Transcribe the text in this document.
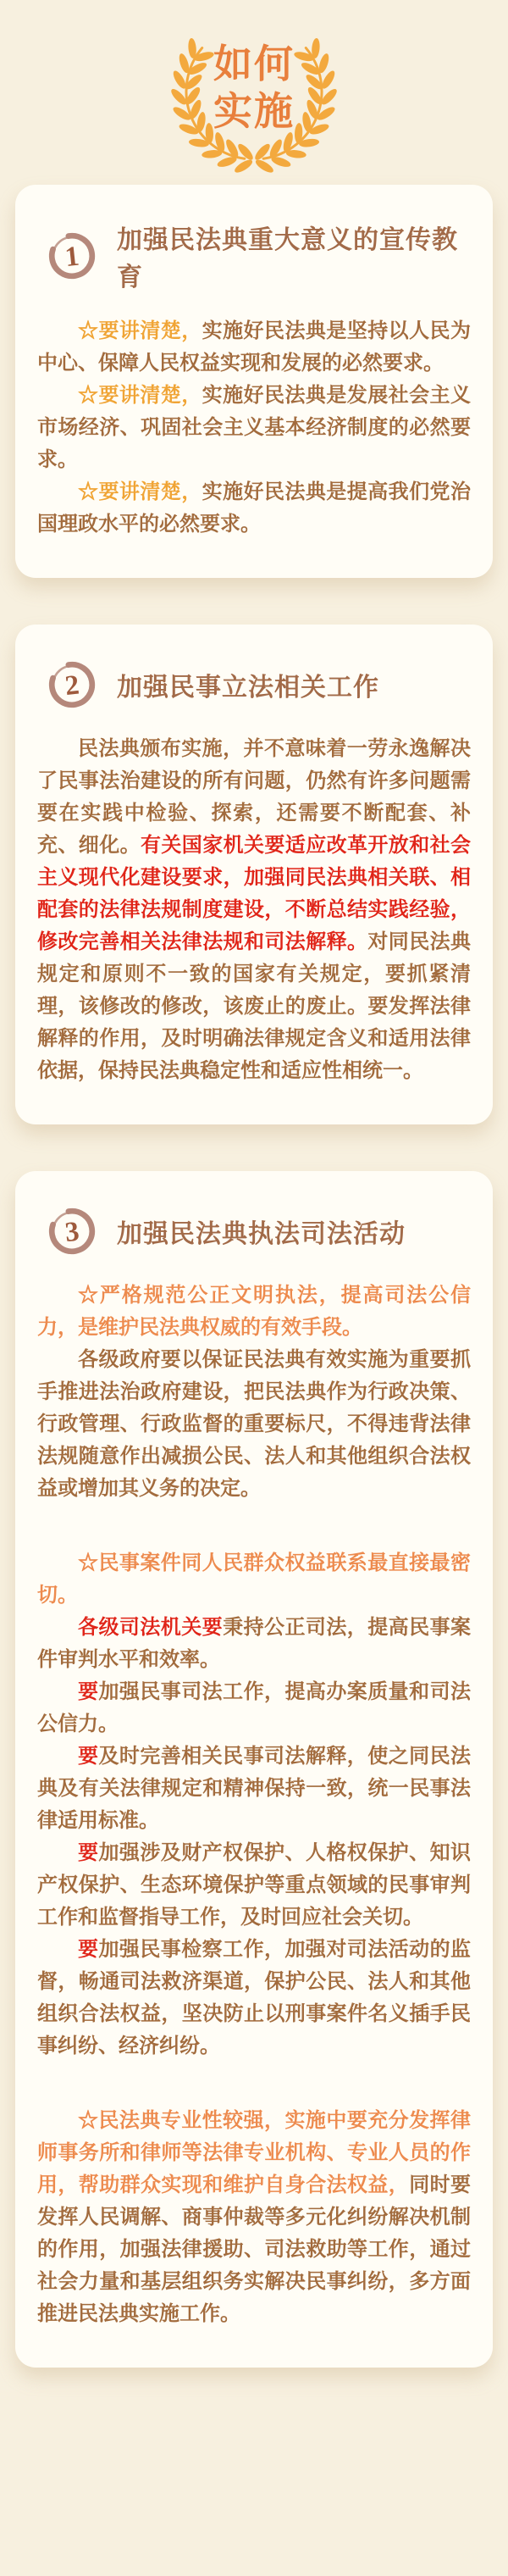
如何
实施
1
加强民法典重大意义的宣传教育

☆要讲清楚，实施好民法典是坚持以人民为中心、保障人民权益实现和发展的必然要求。

☆要讲清楚，实施好民法典是发展社会主义市场经济、巩固社会主义基本经济制度的必然要求。

☆要讲清楚，实施好民法典是提高我们党治国理政水平的必然要求。

2 加强民事立法相关工作

民法典颁布实施，并不意味着一劳永逸解决了民事法治建设的所有问题，仍然有许多问题需要在实践中检验、探索，还需要不断配套、补充、细化。有关国家机关要适应改革开放和社会主义现代化建设要求，加强同民法典相关联、相配套的法律法规制度建设，不断总结实践经验，修改完善相关法律法规和司法解释。对同民法典规定和原则不一致的国家有关规定，要抓紧清理，该修改的修改，该废止的废止。要发挥法律解释的作用，及时明确法律规定含义和适用法律依据，保持民法典稳定性和适应性相统一。

3 加强民法典执法司法活动

☆严格规范公正文明执法，提高司法公信力，是维护民法典权威的有效手段。

各级政府要以保证民法典有效实施为重要抓手推进法治政府建设，把民法典作为行政决策、行政管理、行政监督的重要标尺，不得违背法律法规随意作出减损公民、法人和其他组织合法权益或增加其义务的决定。

☆民事案件同人民群众权益联系最直接最密切。

各级司法机关要秉持公正司法，提高民事案件审判水平和效率。

要加强民事司法工作，提高办案质量和司法公信力。

要及时完善相关民事司法解释，使之同民法典及有关法律规定和精神保持一致，统一民事法律适用标准。

要加强涉及财产权保护、人格权保护、知识产权保护、生态环境保护等重点领域的民事审判工作和监督指导工作，及时回应社会关切。

要加强民事检察工作，加强对司法活动的监督，畅通司法救济渠道，保护公民、法人和其他组织合法权益，坚决防止以刑事案件名义插手民事纠纷、经济纠纷。

☆民法典专业性较强，实施中要充分发挥律师事务所和律师等法律专业机构、专业人员的作用，帮助群众实现和维护自身合法权益，同时要发挥人民调解、商事仲裁等多元化纠纷解决机制的作用，加强法律援助、司法救助等工作，通过社会力量和基层组织务实解决民事纠纷，多方面推进民法典实施工作。
